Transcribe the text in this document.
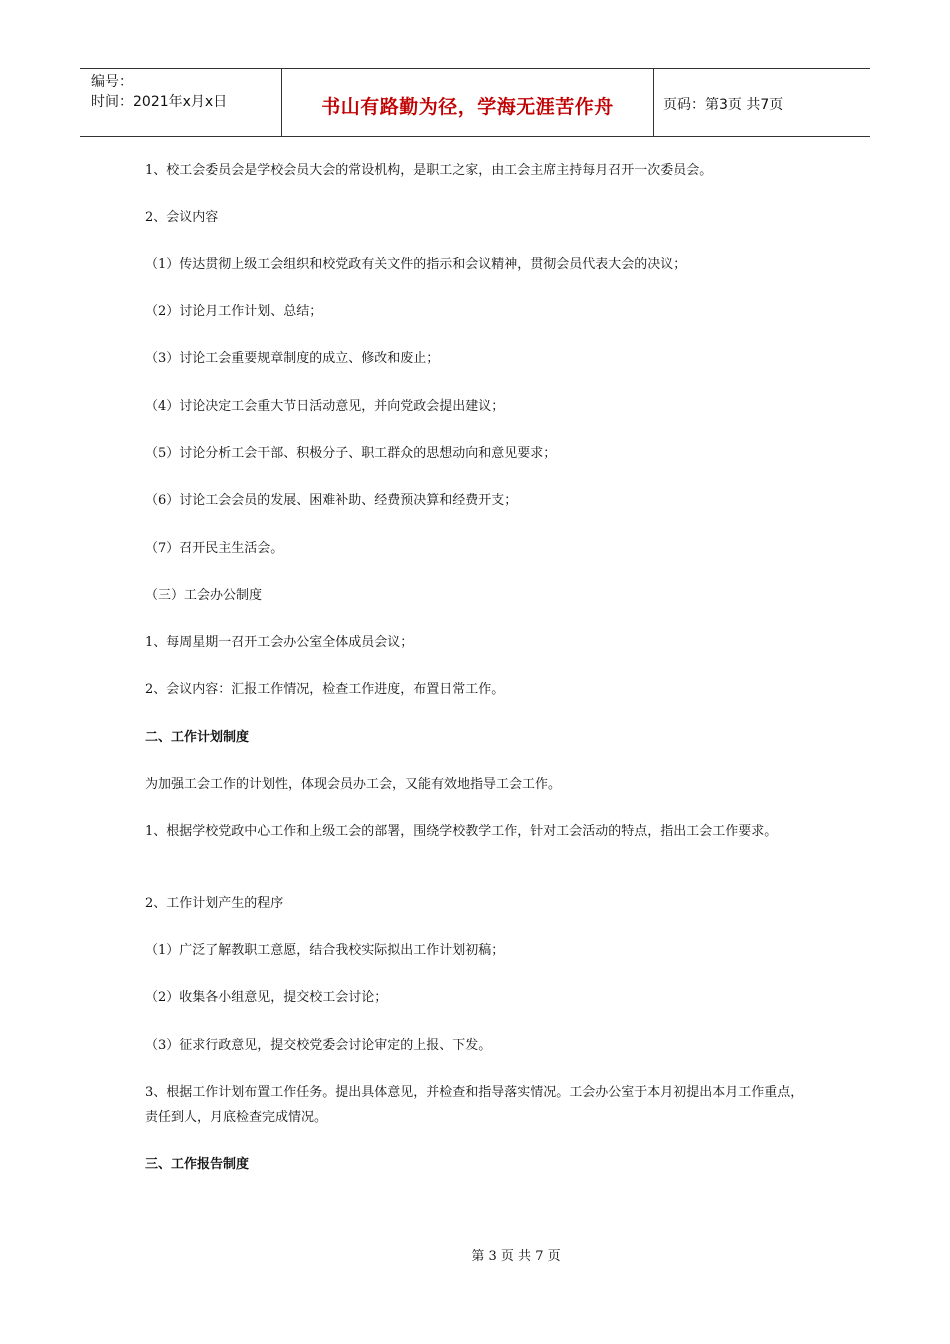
编号：
时间：2021年x月x日	书山有路勤为径，学海无涯苦作舟	页码：第3页 共7页
1、校工会委员会是学校会员大会的常设机构，是职工之家，由工会主席主持每月召开一次委员会。
2、会议内容
（1）传达贯彻上级工会组织和校党政有关文件的指示和会议精神，贯彻会员代表大会的决议；
（2）讨论月工作计划、总结；
（3）讨论工会重要规章制度的成立、修改和废止；
（4）讨论决定工会重大节日活动意见，并向党政会提出建议；
（5）讨论分析工会干部、积极分子、职工群众的思想动向和意见要求；
（6）讨论工会会员的发展、困难补助、经费预决算和经费开支；
（7）召开民主生活会。
（三）工会办公制度
1、每周星期一召开工会办公室全体成员会议；
2、会议内容：汇报工作情况，检查工作进度，布置日常工作。
二、工作计划制度
为加强工会工作的计划性，体现会员办工会，又能有效地指导工会工作。
1、根据学校党政中心工作和上级工会的部署，围绕学校教学工作，针对工会活动的特点，指出工会工作要求。
2、工作计划产生的程序
（1）广泛了解教职工意愿，结合我校实际拟出工作计划初稿；
（2）收集各小组意见，提交校工会讨论；
（3）征求行政意见，提交校党委会讨论审定的上报、下发。
3、根据工作计划布置工作任务。提出具体意见，并检查和指导落实情况。工会办公室于本月初提出本月工作重点，责任到人，月底检查完成情况。
三、工作报告制度
第 3 页 共 7 页
